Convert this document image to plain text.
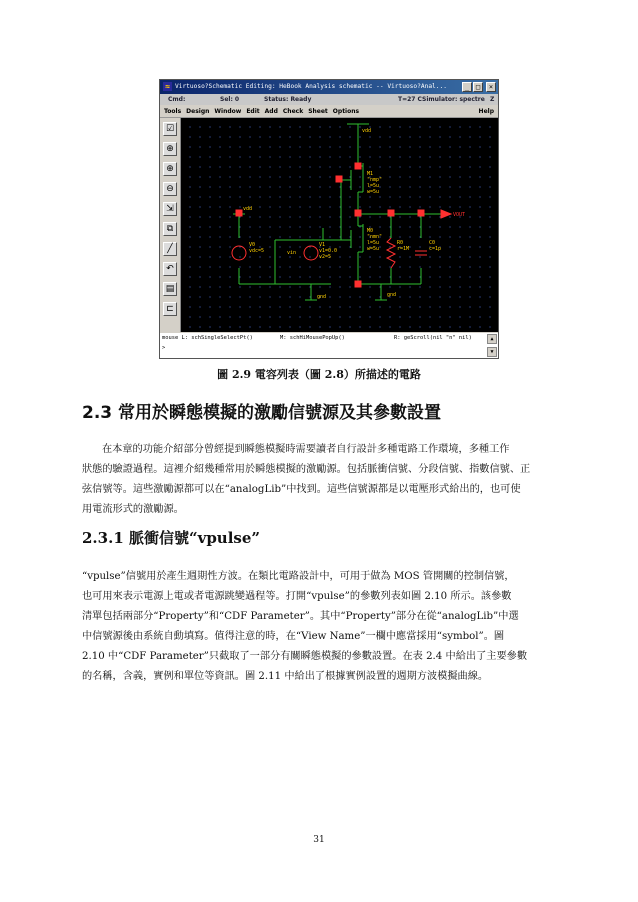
≈ Virtuoso?Schematic Editing: HeBook Analysis schematic -- Virtuoso?Anal...	_ □	×
Cmd:	Sel: 0	Status: Ready	T=27 C Simulator: spectre Z
Tools Design Window Edit Add Check Sheet Options	Help
☑
⊕
⊕
⊖
⇲
⧉
╱
↶
▤
⊏
vdd
M1
"nmp"
l=5u
w=5u
VOUT
M0
"nmn"
l=5u
w=5u
vdd
V0
vdc=5
V1
v1=0.0
v2=5
vin
R0
r=1M
C0
c=1p
gnd	gnd
mouse L: schSingleSelectPt()	M: schHiMousePopUp()	R: geScroll(nil "n" nil)
>
▲
▼
圖 2.9 電容列表（圖 2.8）所描述的電路
2.3 常用於瞬態模擬的激勵信號源及其參數設置

在本章的功能介紹部分曾經提到瞬態模擬時需要讀者自行設計多種電路工作環境，多種工作
狀態的驗證過程。這裡介紹幾種常用於瞬態模擬的激勵源。包括脈衝信號、分段信號、指數信號、正
弦信號等。這些激勵源都可以在“analogLib”中找到。這些信號源都是以電壓形式給出的，也可使
用電流形式的激勵源。

2.3.1 脈衝信號“vpulse”

“vpulse”信號用於產生週期性方波。在類比電路設計中，可用于做為 MOS 管開關的控制信號，
也可用來表示電源上電或者電源跳變過程等。打開“vpulse”的參數列表如圖 2.10 所示。該參數
清單包括兩部分“Property”和“CDF Parameter”。其中“Property”部分在從“analogLib”中選
中信號源後由系統自動填寫。值得注意的時，在“View Name”一欄中應當採用“symbol”。圖
2.10 中“CDF Parameter”只截取了一部分有關瞬態模擬的參數設置。在表 2.4 中給出了主要參數
的名稱，含義，實例和單位等資訊。圖 2.11 中給出了根據實例設置的週期方波模擬曲線。

31
